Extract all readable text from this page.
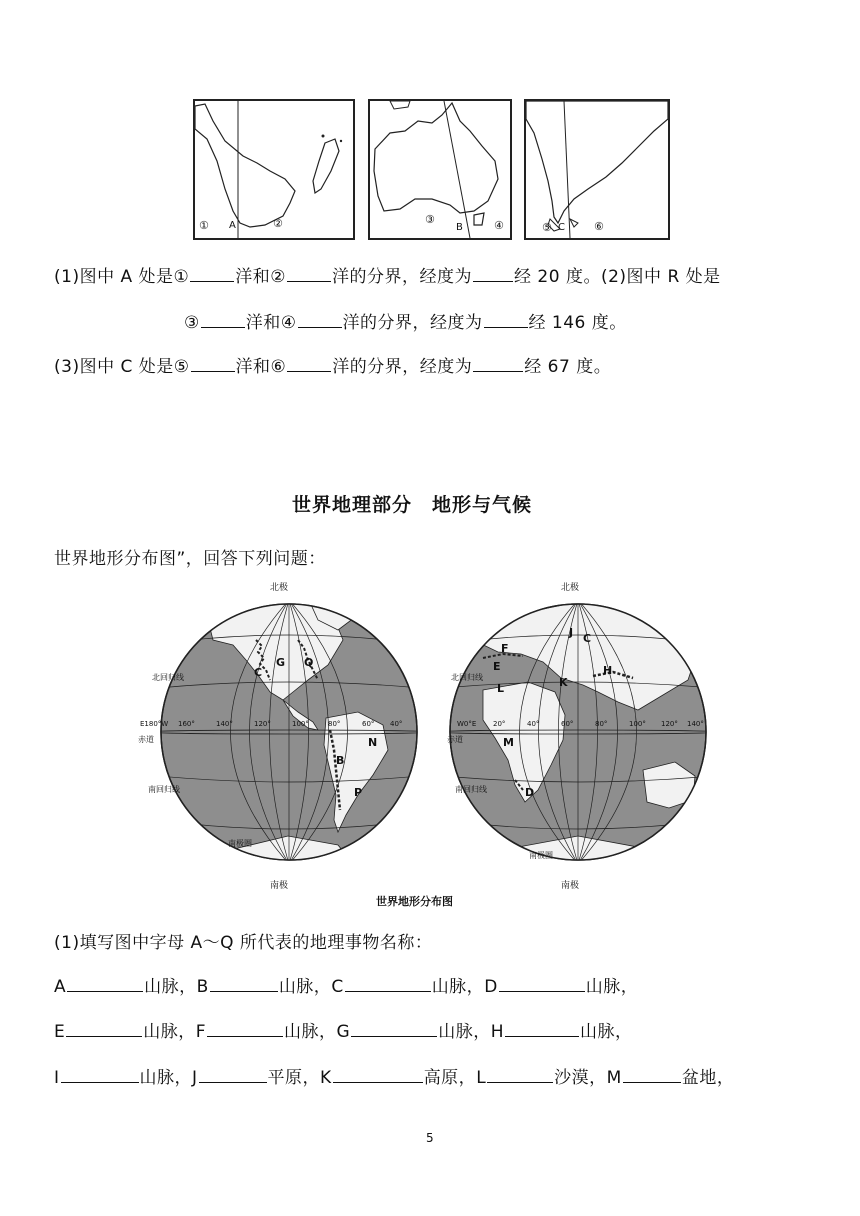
① A	②	③
B	④	⑤ C	⑥
(1)图中 A 处是①	洋和②	洋的分界，经度为 经 20 度。(2)图中 R 处是
③	洋和④	洋的分界，经度为	经 146 度。
(3)图中 C 处是⑤	洋和⑥	洋的分界，经度为	经 67 度。
世界地理部分　地形与气候
世界地形分布图”，回答下列问题：
北极
南极
北回归线
赤道
南回归线
南极圈
E180°W 160°	140°	120°	100°	80°	60° 40°
G Q
C
B
N
P
北极
南极
北回归线
赤道
南回归线
南极圈
W0°E 20°	40°	60°	80°	100° 120° 140°
J C
F
E
L	K
H
M
D
世界地形分布图
(1)填写图中字母 A～Q 所代表的地理事物名称：
A	山脉，B	山脉，C	山脉，D	山脉，
E	山脉，F	山脉，G	山脉，H	山脉，
I	山脉，J	平原，K	高原，L	沙漠，M	盆地，
5
